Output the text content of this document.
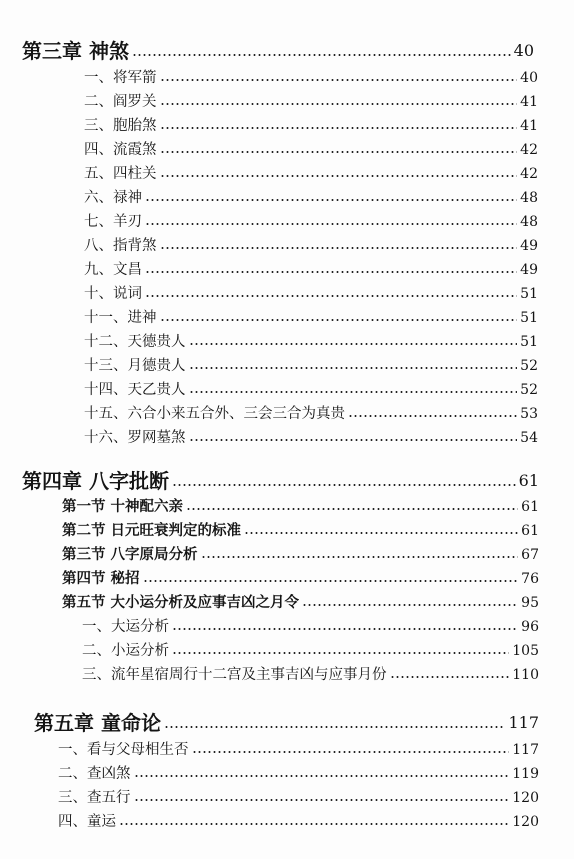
第三章 神煞	40
一、将军箭	40
二、阎罗关	41
三、胞胎煞	41
四、流霞煞	42
五、四柱关	42
六、禄神	48
七、羊刃	48
八、指背煞	49
九、文昌	49
十、说词	51
十一、进神	51
十二、天德贵人	51
十三、月德贵人	52
十四、天乙贵人	52
十五、六合小来五合外、三会三合为真贵	53
十六、罗网墓煞	54
第四章 八字批断	61
第一节 十神配六亲	61
第二节 日元旺衰判定的标准	61
第三节 八字原局分析	67
第四节 秘招	76
第五节 大小运分析及应事吉凶之月令	95
一、大运分析	96
二、小运分析	105
三、流年星宿周行十二宫及主事吉凶与应事月份	110
第五章 童命论	117
一、看与父母相生否	117
二、查凶煞	119
三、查五行	120
四、童运	120
